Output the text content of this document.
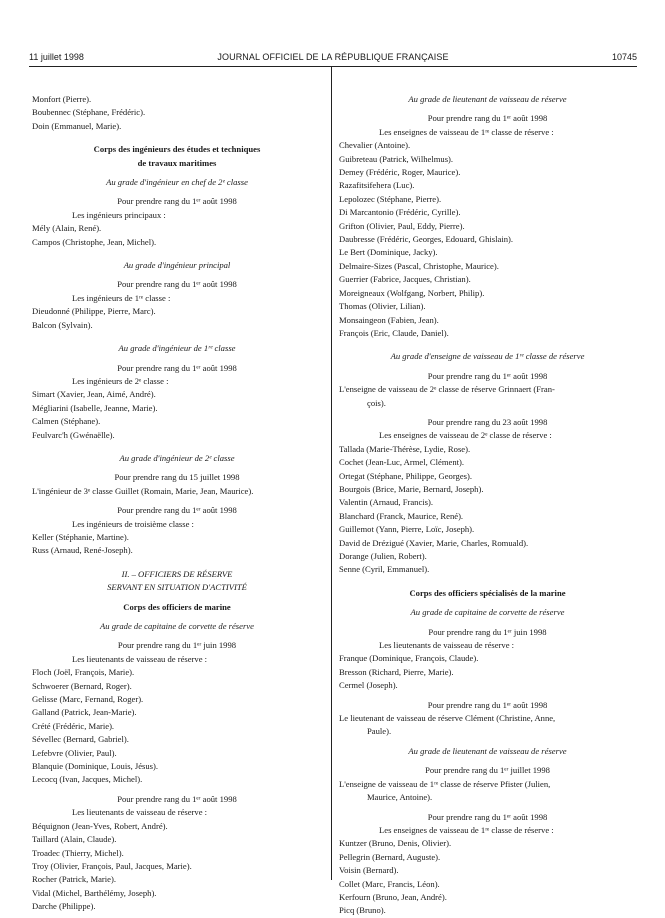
11 juillet 1998	JOURNAL OFFICIEL DE LA RÉPUBLIQUE FRANÇAISE	10745
Monfort (Pierre).
Boubennec (Stéphane, Frédéric).
Doin (Emmanuel, Marie).
Corps des ingénieurs des études et techniques
de travaux maritimes
Au grade d'ingénieur en chef de 2ᵉ classe
Pour prendre rang du 1ᵉʳ août 1998
Les ingénieurs principaux :
Mély (Alain, René).
Campos (Christophe, Jean, Michel).
Au grade d'ingénieur principal
Pour prendre rang du 1ᵉʳ août 1998
Les ingénieurs de 1ʳᵉ classe :
Dieudonné (Philippe, Pierre, Marc).
Balcon (Sylvain).
Au grade d'ingénieur de 1ʳᵉ classe
Pour prendre rang du 1ᵉʳ août 1998
Les ingénieurs de 2ᵉ classe :
Simart (Xavier, Jean, Aimé, André).
Mégliarini (Isabelle, Jeanne, Marie).
Calmen (Stéphane).
Feulvarc'h (Gwénaëlle).
Au grade d'ingénieur de 2ᵉ classe
Pour prendre rang du 15 juillet 1998
L'ingénieur de 3ᵉ classe Guillet (Romain, Marie, Jean, Maurice).
Pour prendre rang du 1ᵉʳ août 1998
Les ingénieurs de troisième classe :
Keller (Stéphanie, Martine).
Russ (Arnaud, René-Joseph).
II. – OFFICIERS DE RÉSERVE
SERVANT EN SITUATION D'ACTIVITÉ
Corps des officiers de marine
Au grade de capitaine de corvette de réserve
Pour prendre rang du 1ᵉʳ juin 1998
Les lieutenants de vaisseau de réserve :
Floch (Joël, François, Marie).
Schwoerer (Bernard, Roger).
Gelisse (Marc, Fernand, Roger).
Galland (Patrick, Jean-Marie).
Crété (Frédéric, Marie).
Sévellec (Bernard, Gabriel).
Lefebvre (Olivier, Paul).
Blanquie (Dominique, Louis, Jésus).
Lecocq (Ivan, Jacques, Michel).
Pour prendre rang du 1ᵉʳ août 1998
Les lieutenants de vaisseau de réserve :
Béquignon (Jean-Yves, Robert, André).
Taillard (Alain, Claude).
Troadec (Thierry, Michel).
Troy (Olivier, François, Paul, Jacques, Marie).
Rocher (Patrick, Marie).
Vidal (Michel, Barthélémy, Joseph).
Darche (Philippe).
Au grade de lieutenant de vaisseau de réserve
Pour prendre rang du 1ᵉʳ août 1998
Les enseignes de vaisseau de 1ʳᵉ classe de réserve :
Chevalier (Antoine).
Guibreteau (Patrick, Wilhelmus).
Demey (Frédéric, Roger, Maurice).
Razafitsifehera (Luc).
Lepolozec (Stéphane, Pierre).
Di Marcantonio (Frédéric, Cyrille).
Grifton (Olivier, Paul, Eddy, Pierre).
Daubresse (Frédéric, Georges, Edouard, Ghislain).
Le Bert (Dominique, Jacky).
Delmaire-Sizes (Pascal, Christophe, Maurice).
Guerrier (Fabrice, Jacques, Christian).
Moreigneaux (Wolfgang, Norbert, Philip).
Thomas (Olivier, Lilian).
Monsaingeon (Fabien, Jean).
François (Eric, Claude, Daniel).
Au grade d'enseigne de vaisseau de 1ʳᵉ classe de réserve
Pour prendre rang du 1ᵉʳ août 1998
L'enseigne de vaisseau de 2ᵉ classe de réserve Grinnaert (Fran-
çois).
Pour prendre rang du 23 août 1998
Les enseignes de vaisseau de 2ᵉ classe de réserve :
Tallada (Marie-Thérèse, Lydie, Rose).
Cochet (Jean-Luc, Armel, Clément).
Ortegat (Stéphane, Philippe, Georges).
Bourgois (Brice, Marie, Bernard, Joseph).
Valentin (Arnaud, Francis).
Blanchard (Franck, Maurice, René).
Guillemot (Yann, Pierre, Loïc, Joseph).
David de Drézigué (Xavier, Marie, Charles, Romuald).
Dorange (Julien, Robert).
Senne (Cyril, Emmanuel).
Corps des officiers spécialisés de la marine
Au grade de capitaine de corvette de réserve
Pour prendre rang du 1ᵉʳ juin 1998
Les lieutenants de vaisseau de réserve :
Franque (Dominique, François, Claude).
Bresson (Richard, Pierre, Marie).
Cermel (Joseph).
Pour prendre rang du 1ᵉʳ août 1998
Le lieutenant de vaisseau de réserve Clément (Christine, Anne,
Paule).
Au grade de lieutenant de vaisseau de réserve
Pour prendre rang du 1ᵉʳ juillet 1998
L'enseigne de vaisseau de 1ʳᵉ classe de réserve Pfister (Julien,
Maurice, Antoine).
Pour prendre rang du 1ᵉʳ août 1998
Les enseignes de vaisseau de 1ʳᵉ classe de réserve :
Kuntzer (Bruno, Denis, Olivier).
Pellegrin (Bernard, Auguste).
Voisin (Bernard).
Collet (Marc, Francis, Léon).
Kerfourn (Bruno, Jean, André).
Picq (Bruno).
